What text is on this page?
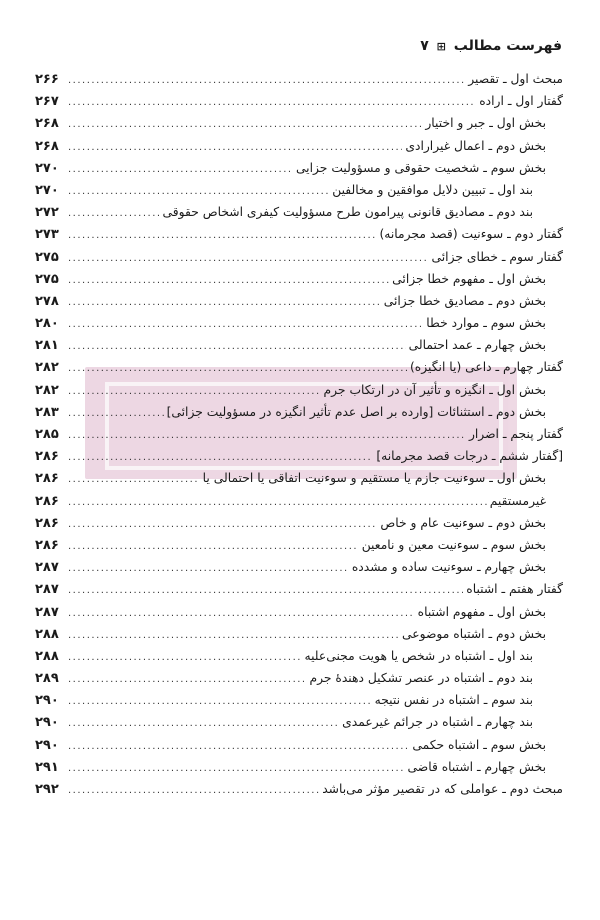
فهرست مطالب ⊞ ۷
مبحث اول ـ تقصیر
.....
۲۶۶
گفتار اول ـ اراده
.....
۲۶۷
بخش اول ـ جبر و اختیار
.....
۲۶۸
بخش دوم ـ اعمال غیرارادی
.....
۲۶۸
بخش سوم ـ شخصیت حقوقی و مسؤولیت جزایی
.....
۲۷۰
بند اول ـ تبیین دلایل موافقین و مخالفین
.....
۲۷۰
بند دوم ـ مصادیق قانونی پیرامون طرح مسؤولیت کیفری اشخاص حقوقی
.....
۲۷۲
گفتار دوم ـ سوءنیت (قصد مجرمانه)
.....
۲۷۳
گفتار سوم ـ خطای جزائی
.....
۲۷۵
بخش اول ـ مفهوم خطا جزائی
.....
۲۷۵
بخش دوم ـ مصادیق خطا جزائی
.....
۲۷۸
بخش سوم ـ موارد خطا
.....
۲۸۰
بخش چهارم ـ عمد احتمالی
.....
۲۸۱
گفتار چهارم ـ داعی (یا انگیزه)
.....
۲۸۲
بخش اول ـ انگیزه و تأثیر آن در ارتکاب جرم
.....
۲۸۲
بخش دوم ـ استثنائات [وارده بر اصل عدم تأثیر انگیزه در مسؤولیت جزائی]
.....
۲۸۳
گفتار پنجم ـ اضرار
.....
۲۸۵
[گفتار ششم ـ درجات قصد مجرمانه]
.....
۲۸۶
بخش اول ـ سوءنیت جازم یا مستقیم و سوءنیت اتفاقی یا احتمالی یا
.....
۲۸۶
غیرمستقیم
.....
۲۸۶
بخش دوم ـ سوءنیت عام و خاص
.....
۲۸۶
بخش سوم ـ سوءنیت معین و نامعین
.....
۲۸۶
بخش چهارم ـ سوءنیت ساده و مشدده
.....
۲۸۷
گفتار هفتم ـ اشتباه
.....
۲۸۷
بخش اول ـ مفهوم اشتباه
.....
۲۸۷
بخش دوم ـ اشتباه موضوعی
.....
۲۸۸
بند اول ـ اشتباه در شخص یا هویت مجنی‌علیه
.....
۲۸۸
بند دوم ـ اشتباه در عنصر تشکیل دهندهٔ جرم
.....
۲۸۹
بند سوم ـ اشتباه در نفس نتیجه
.....
۲۹۰
بند چهارم ـ اشتباه در جرائم غیرعمدی
.....
۲۹۰
بخش سوم ـ اشتباه حکمی
.....
۲۹۰
بخش چهارم ـ اشتباه قاضی
.....
۲۹۱
مبحث دوم ـ عواملی که در تقصیر مؤثر می‌باشد
.....
۲۹۲
